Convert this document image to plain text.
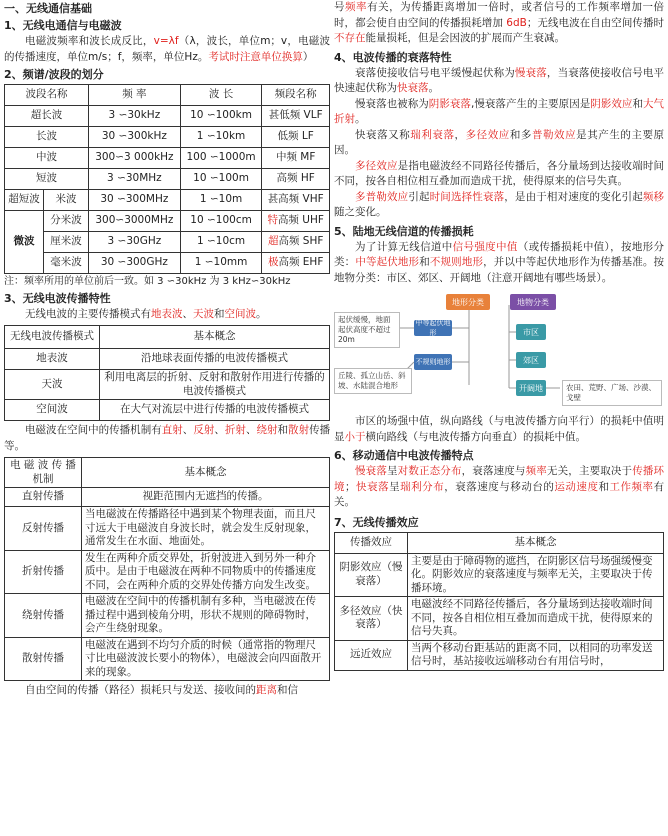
一、无线通信基础
1、无线电通信与电磁波

电磁波频率和波长成反比，v=λf（λ，波长，单位m；v，电磁波的传播速度，单位m/s；f，频率，单位Hz。考试时注意单位换算）

2、频谱/波段的划分
波段名称		频 率	波 长	频段名称
超长波		3 ∽30kHz	10 ∽100km	甚低频 VLF
长波		30 ∽300kHz	1 ∽10km	低频 LF
中波		300∽3 000kHz	100 ∽1000m	中频 MF
短波		3 ∽30MHz	10 ∽100m	高频 HF
超短波	米波	30 ∽300MHz	1 ∽10m	甚高频 VHF
微波	分米波	300∽3000MHz	10 ∽100cm	特高频 UHF
	厘米波	3 ∽30GHz	1 ∽10cm	超高频 SHF
	毫米波	30 ∽300GHz	1 ∽10mm	极高频 EHF

注：频率所用的单位前后一致。如 3 ∽30kHz 为 3 kHz∽30kHz

3、无线电波传播特性

无线电波的主要传播模式有地表波、天波和空间波。

无线电波传播模式	基本概念
地表波	沿地球表面传播的电波传播模式
天波	利用电离层的折射、反射和散射作用进行传播的电波传播模式
空间波	在大气对流层中进行传播的电波传播模式

电磁波在空间中的传播机制有直射、反射、折射、绕射和散射传播等。

电 磁 波 传 播 机制	基本概念
直射传播	视距范围内无遮挡的传播。
反射传播	当电磁波在传播路径中遇到某个物理表面，而且尺寸远大于电磁波自身波长时，就会发生反射现象，通常发生在水面、地面处。
折射传播	发生在两种介质交界处，折射波进入到另外一种介质中。是由于电磁波在两种不同物质中的传播速度不同，会在两种介质的交界处传播方向发生改变。
绕射传播	电磁波在空间中的传播机制有多种，当电磁波在传播过程中遇到棱角分明，形状不规则的障碍物时，会产生绕射现象。
散射传播	电磁波在遇到不均匀介质的时候（通常指的物理尺寸比电磁波波长要小的物体），电磁波会向四面散开来的现象。

自由空间的传播（路径）损耗只与发送、接收间的距离和信

号频率有关，为传播距离增加一倍时，或者信号的工作频率增加一倍时，都会使自由空间的传播损耗增加 6dB；无线电波在自由空间传播时不存在能量损耗，但是会因波的扩展而产生衰减。

4、电波传播的衰落特性

衰落使接收信号电平缓慢起伏称为慢衰落，当衰落使接收信号电平快速起伏称为快衰落。

慢衰落也被称为阴影衰落,慢衰落产生的主要原因是阴影效应和大气折射。

快衰落又称瑞利衰落，多径效应和多普勒效应是其产生的主要原因。

多径效应是指电磁波经不同路径传播后，各分量场到达接收端时间不同，按各自相位相互叠加而造成干扰，使得原来的信号失真。

多普勒效应引起时间选择性衰落，是由于相对速度的变化引起频移随之变化。

5、陆地无线信道的传播损耗

为了计算无线信道中信号强度中值（或传播损耗中值），按地形分类：中等起伏地形和不规则地形，并以中等起伏地形作为传播基准。按地物分类：市区、郊区、开阔地（注意开阔地有哪些场景）。

地形分类	地物分类
中等起伏地形
不规则地形
市区
郊区
开阔地
起伏缓慢，地面起伏高度不超过20m
丘陵、孤立山岳、斜坡、水陆混合地形	农田、荒野、广场、沙漠、戈壁

市区的场强中值，纵向路线（与电波传播方向平行）的损耗中值明显小于横向路线（与电波传播方向垂直）的损耗中值。

6、移动通信中电波传播特点

慢衰落呈对数正态分布，衰落速度与频率无关，主要取决于传播环境；快衰落呈瑞利分布，衰落速度与移动台的运动速度和工作频率有关。

7、无线传播效应
传播效应	基本概念
阴影效应（慢衰落）	主要是由于障碍物的遮挡，在阴影区信号场强缓慢变化。阴影效应的衰落速度与频率无关，主要取决于传播环境。
多径效应（快衰落）	电磁波经不同路径传播后，各分量场到达接收端时间不同，按各自相位相互叠加而造成干扰，使得原来的信号失真。
远近效应	当两个移动台距基站的距离不同，以相同的功率发送信号时，基站接收远端移动台有用信号时，
